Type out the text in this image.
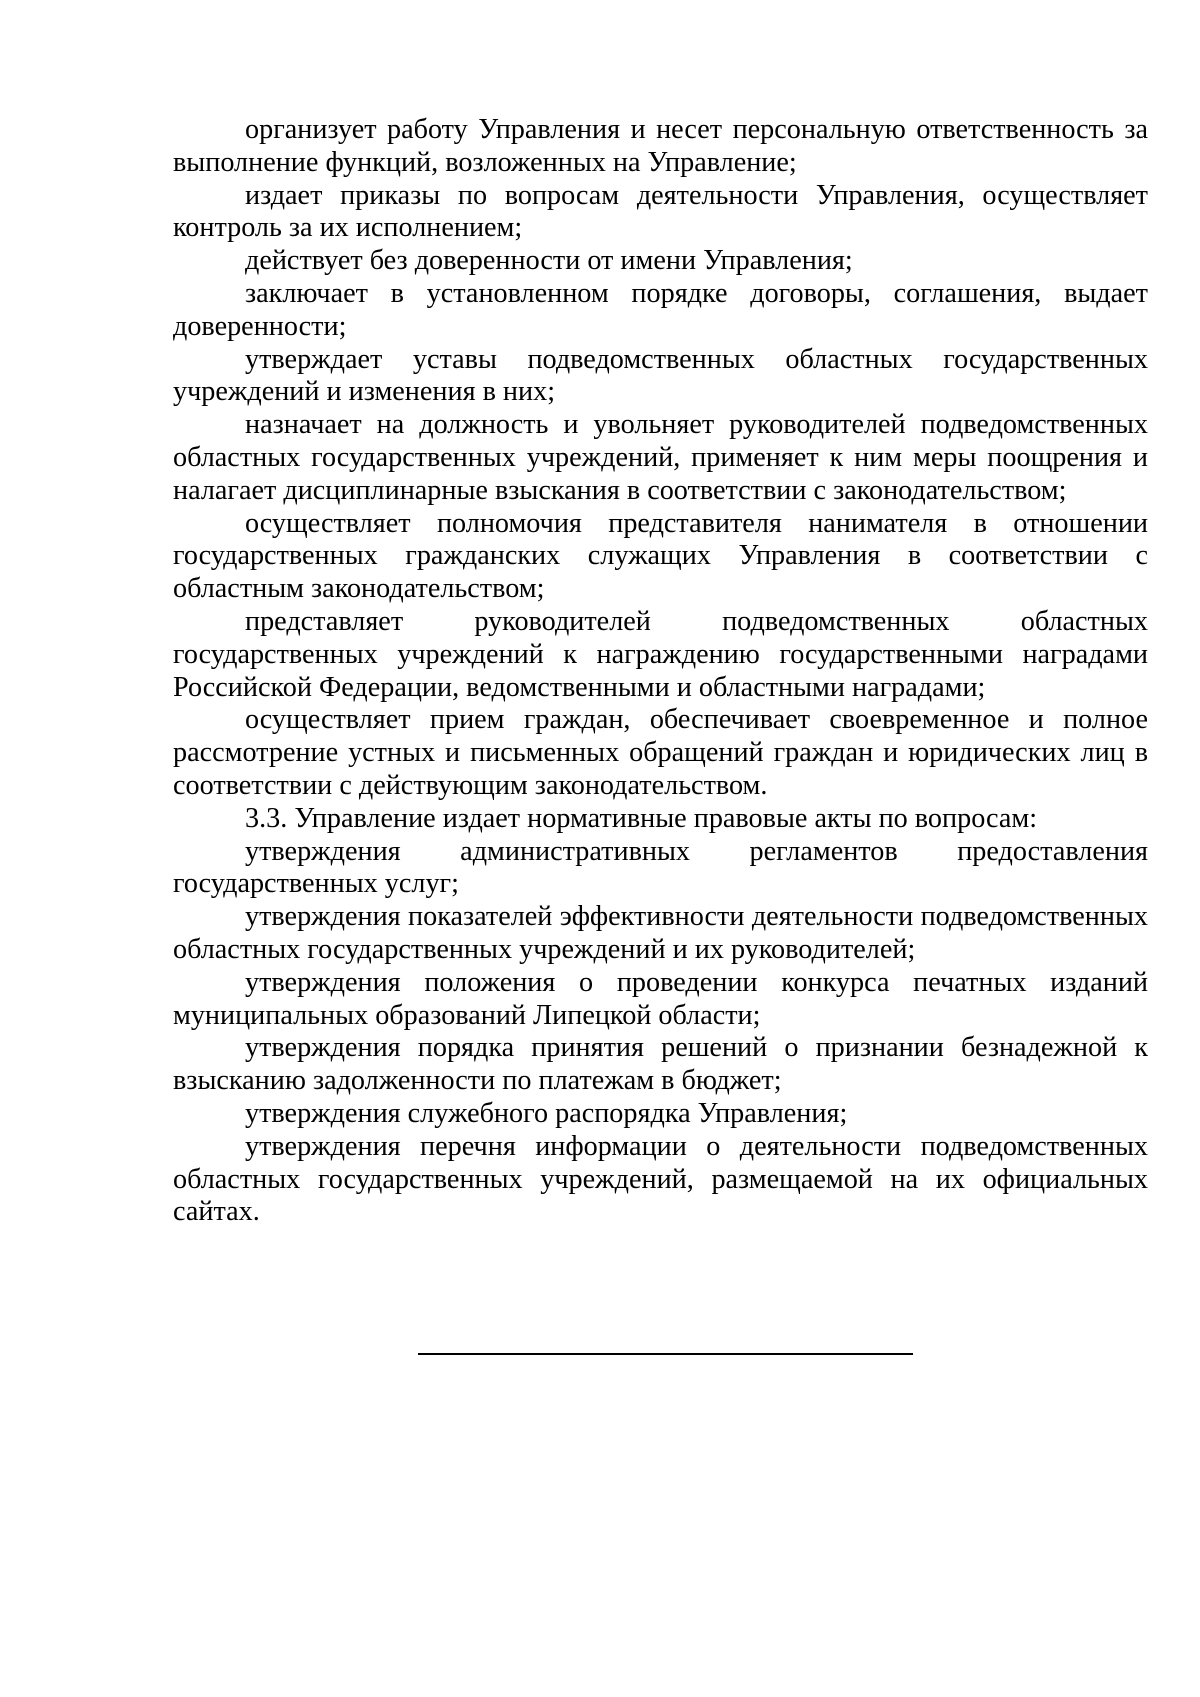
организует работу Управления и несет персональную ответственность за выполнение функций, возложенных на Управление;

издает приказы по вопросам деятельности Управления, осуществляет контроль за их исполнением;

действует без доверенности от имени Управления;

заключает в установленном порядке договоры, соглашения, выдает доверенности;

утверждает уставы подведомственных областных государственных учреждений и изменения в них;

назначает на должность и увольняет руководителей подведомственных областных государственных учреждений, применяет к ним меры поощрения и налагает дисциплинарные взыскания в соответствии с законодательством;

осуществляет полномочия представителя нанимателя в отношении государственных гражданских служащих Управления в соответствии с областным законодательством;

представляет руководителей подведомственных областных государственных учреждений к награждению государственными наградами Российской Федерации, ведомственными и областными наградами;

осуществляет прием граждан, обеспечивает своевременное и полное рассмотрение устных и письменных обращений граждан и юридических лиц в соответствии с действующим законодательством.

3.3. Управление издает нормативные правовые акты по вопросам:

утверждения административных регламентов предоставления государственных услуг;

утверждения показателей эффективности деятельности подведомственных областных государственных учреждений и их руководителей;

утверждения положения о проведении конкурса печатных изданий муниципальных образований Липецкой области;

утверждения порядка принятия решений о признании безнадежной к взысканию задолженности по платежам в бюджет;

утверждения служебного распорядка Управления;

утверждения перечня информации о деятельности подведомственных областных государственных учреждений, размещаемой на их официальных сайтах.
